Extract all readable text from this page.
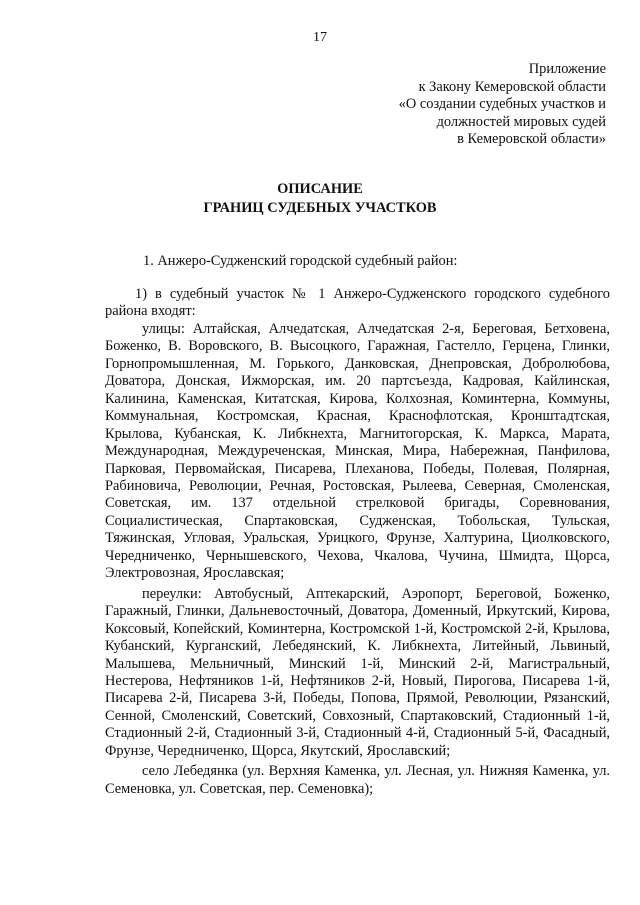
17
Приложение
к Закону Кемеровской области
«О создании судебных участков и
должностей мировых судей
в Кемеровской области»
ОПИСАНИЕ
ГРАНИЦ СУДЕБНЫХ УЧАСТКОВ
1. Анжеро-Судженский городской судебный район:

1) в судебный участок № 1 Анжеро-Судженского городского судебного района входят:

улицы: Алтайская, Алчедатская, Алчедатская 2-я, Береговая, Бетховена, Боженко, В. Воровского, В. Высоцкого, Гаражная, Гастелло, Герцена, Глинки, Горнопромышленная, М. Горького, Данковская, Днепровская, Добролюбова, Доватора, Донская, Ижморская, им. 20 партсъезда, Кадровая, Кайлинская, Калинина, Каменская, Китатская, Кирова, Колхозная, Коминтерна, Коммуны, Коммунальная, Костромская, Красная, Краснофлотская, Кронштадтская, Крылова, Кубанская, К. Либкнехта, Магнитогорская, К. Маркса, Марата, Международная, Междуреченская, Минская, Мира, Набережная, Панфилова, Парковая, Первомайская, Писарева, Плеханова, Победы, Полевая, Полярная, Рабиновича, Революции, Речная, Ростовская, Рылеева, Северная, Смоленская, Советская, им. 137 отдельной стрелковой бригады, Соревнования, Социалистическая, Спартаковская, Судженская, Тобольская, Тульская, Тяжинская, Угловая, Уральская, Урицкого, Фрунзе, Халтурина, Циолковского, Чередниченко, Чернышевского, Чехова, Чкалова, Чучина, Шмидта, Щорса, Электровозная, Ярославская;

переулки: Автобусный, Аптекарский, Аэропорт, Береговой, Боженко, Гаражный, Глинки, Дальневосточный, Доватора, Доменный, Иркутский, Кирова, Коксовый, Копейский, Коминтерна, Костромской 1-й, Костромской 2-й, Крылова, Кубанский, Курганский, Лебедянский, К. Либкнехта, Литейный, Львиный, Малышева, Мельничный, Минский 1-й, Минский 2-й, Магистральный, Нестерова, Нефтяников 1-й, Нефтяников 2-й, Новый, Пирогова, Писарева 1-й, Писарева 2-й, Писарева 3-й, Победы, Попова, Прямой, Революции, Рязанский, Сенной, Смоленский, Советский, Совхозный, Спартаковский, Стадионный 1-й, Стадионный 2-й, Стадионный 3-й, Стадионный 4-й, Стадионный 5-й, Фасадный, Фрунзе, Чередниченко, Щорса, Якутский, Ярославский;

село Лебедянка (ул. Верхняя Каменка, ул. Лесная, ул. Нижняя Каменка, ул. Семеновка, ул. Советская, пер. Семеновка);
